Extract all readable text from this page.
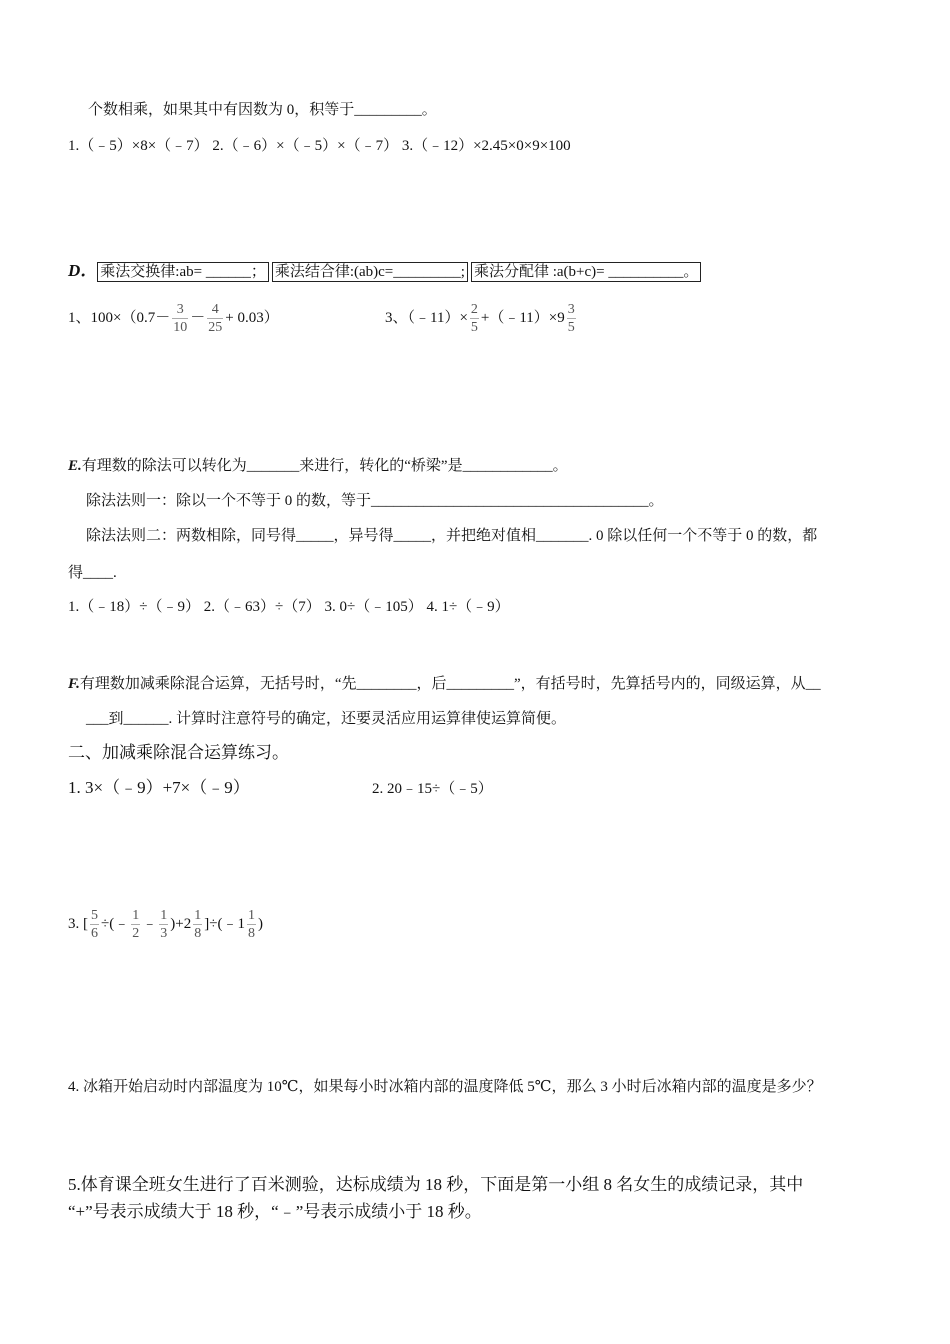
个数相乘，如果其中有因数为 0，积等于_________。
1.（﹣5）×8×（﹣7） 2.（﹣6）×（﹣5）×（﹣7） 3.（﹣12）×2.45×0×9×100
D． 乘法交换律:ab= ______； 乘法结合律:(ab)c=_________; 乘法分配律 :a(b+c)= __________。
1、$100\times(0.7- \frac{3}{10} - \frac{4}{25} + 0.03)$	3、（﹣11）× $\frac{2}{5}$ +（﹣11）×9 $\frac{3}{5}$
E.有理数的除法可以转化为_______来进行，转化的“桥梁”是____________。
除法法则一：除以一个不等于 0 的数，等于_____________________________________。
除法法则二：两数相除，同号得_____，异号得_____，并把绝对值相_______. 0 除以任何一个不等于 0 的数，都
得____.
1.（﹣18）÷（﹣9） 2.（﹣63）÷（7） 3. 0÷（﹣105） 4. 1÷（﹣9）
F.有理数加减乘除混合运算，无括号时，“先________，后_________”，有括号时，先算括号内的，同级运算，从__
___到______. 计算时注意符号的确定，还要灵活应用运算律使运算简便。
二、加减乘除混合运算练习。
1. 3×（﹣9）+7×（﹣9）	2. 20﹣15÷（﹣5）
3. [ $\frac{5}{6}$ ÷(﹣ $\frac{1}{2}$ ﹣ $\frac{1}{3} )+2 \frac{1}{8}$ ]÷(﹣1 $\frac{1}{8}$ )
4. 冰箱开始启动时内部温度为 10℃，如果每小时冰箱内部的温度降低 5℃，那么 3 小时后冰箱内部的温度是多少？
5.体育课全班女生进行了百米测验，达标成绩为 18 秒，下面是第一小组 8 名女生的成绩记录，其中
“+”号表示成绩大于 18 秒，“﹣”号表示成绩小于 18 秒。
